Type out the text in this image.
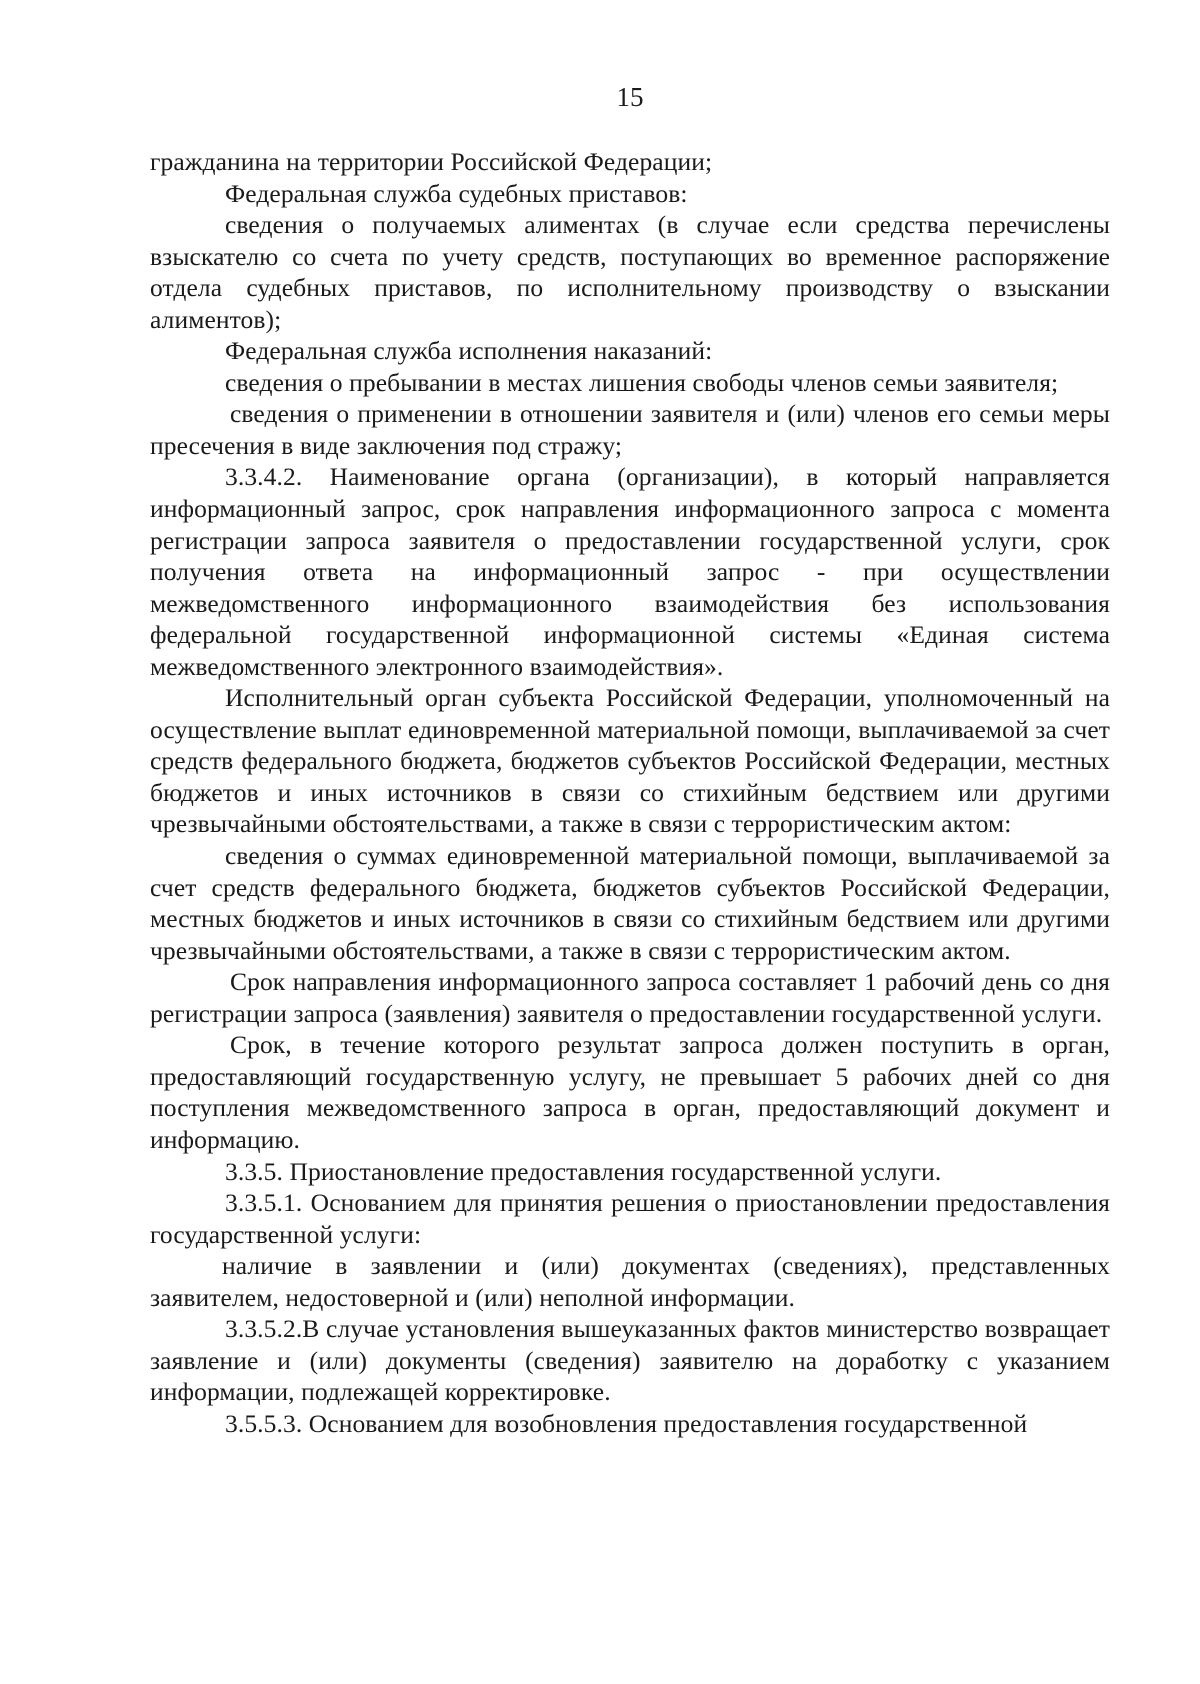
15

гражданина на территории Российской Федерации;

Федеральная служба судебных приставов:

сведения о получаемых алиментах (в случае если средства перечислены взыскателю со счета по учету средств, поступающих во временное распоряжение отдела судебных приставов, по исполнительному производству о взыскании алиментов);

Федеральная служба исполнения наказаний:

сведения о пребывании в местах лишения свободы членов семьи заявителя;

сведения о применении в отношении заявителя и (или) членов его семьи меры пресечения в виде заключения под стражу;

3.3.4.2. Наименование органа (организации), в который направляется информационный запрос, срок направления информационного запроса с момента регистрации запроса заявителя о предоставлении государственной услуги, срок получения ответа на информационный запрос - при осуществлении межведомственного информационного взаимодействия без использования федеральной государственной информационной системы «Единая система межведомственного электронного взаимодействия».

Исполнительный орган субъекта Российской Федерации, уполномоченный на осуществление выплат единовременной материальной помощи, выплачиваемой за счет средств федерального бюджета, бюджетов субъектов Российской Федерации, местных бюджетов и иных источников в связи со стихийным бедствием или другими чрезвычайными обстоятельствами, а также в связи с террористическим актом:

сведения о суммах единовременной материальной помощи, выплачиваемой за счет средств федерального бюджета, бюджетов субъектов Российской Федерации, местных бюджетов и иных источников в связи со стихийным бедствием или другими чрезвычайными обстоятельствами, а также в связи с террористическим актом.

Срок направления информационного запроса составляет 1 рабочий день со дня регистрации запроса (заявления) заявителя о предоставлении государственной услуги.

Срок, в течение которого результат запроса должен поступить в орган, предоставляющий государственную услугу, не превышает 5 рабочих дней со дня поступления межведомственного запроса в орган, предоставляющий документ и информацию.

3.3.5. Приостановление предоставления государственной услуги.

3.3.5.1. Основанием для принятия решения о приостановлении предоставления государственной услуги:

наличие в заявлении и (или) документах (сведениях), представленных заявителем, недостоверной и (или) неполной информации.

3.3.5.2.В случае установления вышеуказанных фактов министерство возвращает заявление и (или) документы (сведения) заявителю на доработку с указанием информации, подлежащей корректировке.

3.5.5.3. Основанием для возобновления предоставления государственной
